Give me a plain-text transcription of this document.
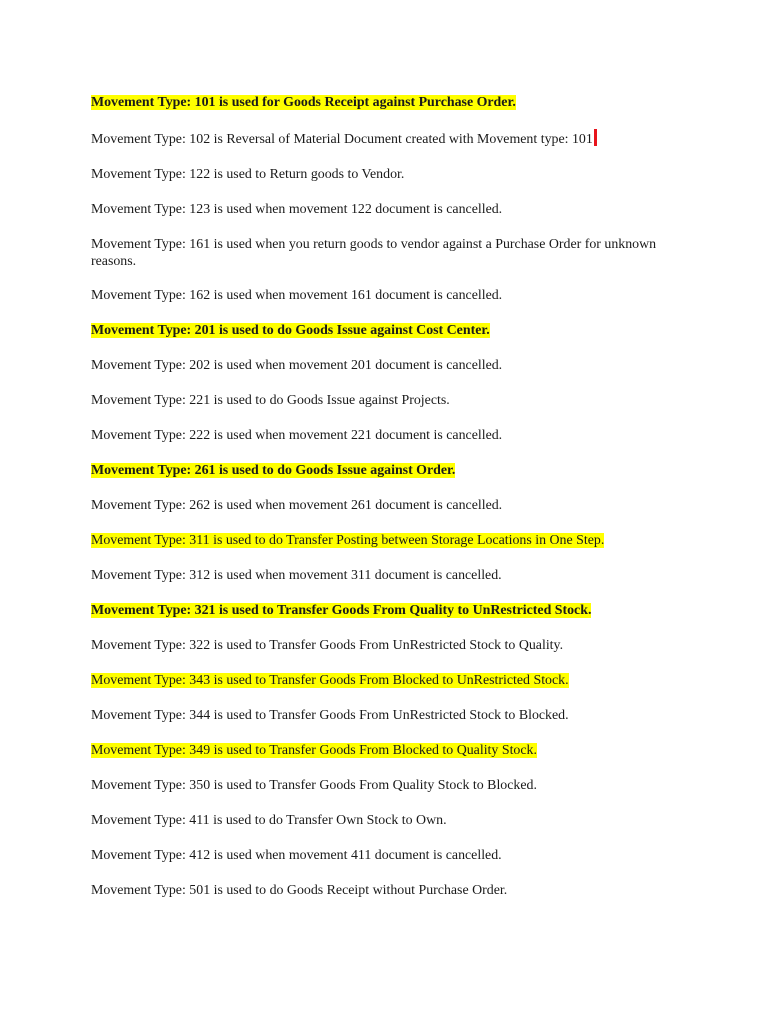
Movement Type: 101 is used for Goods Receipt against Purchase Order.
Movement Type: 102 is Reversal of Material Document created with Movement type: 101
Movement Type: 122 is used to Return goods to Vendor.
Movement Type: 123 is used when movement 122 document is cancelled.
Movement Type: 161 is used when you return goods to vendor against a Purchase Order for unknown reasons.
Movement Type: 162 is used when movement 161 document is cancelled.
Movement Type: 201 is used to do Goods Issue against Cost Center.
Movement Type: 202 is used when movement 201 document is cancelled.
Movement Type: 221 is used to do Goods Issue against Projects.
Movement Type: 222 is used when movement 221 document is cancelled.
Movement Type: 261 is used to do Goods Issue against Order.
Movement Type: 262 is used when movement 261 document is cancelled.
Movement Type: 311 is used to do Transfer Posting between Storage Locations in One Step.
Movement Type: 312 is used when movement 311 document is cancelled.
Movement Type: 321 is used to Transfer Goods From Quality to UnRestricted Stock.
Movement Type: 322 is used to Transfer Goods From UnRestricted Stock to Quality.
Movement Type: 343 is used to Transfer Goods From Blocked to UnRestricted Stock.
Movement Type: 344 is used to Transfer Goods From UnRestricted Stock to Blocked.
Movement Type: 349 is used to Transfer Goods From Blocked to Quality Stock.
Movement Type: 350 is used to Transfer Goods From Quality Stock to Blocked.
Movement Type: 411 is used to do Transfer Own Stock to Own.
Movement Type: 412 is used when movement 411 document is cancelled.
Movement Type: 501 is used to do Goods Receipt without Purchase Order.
